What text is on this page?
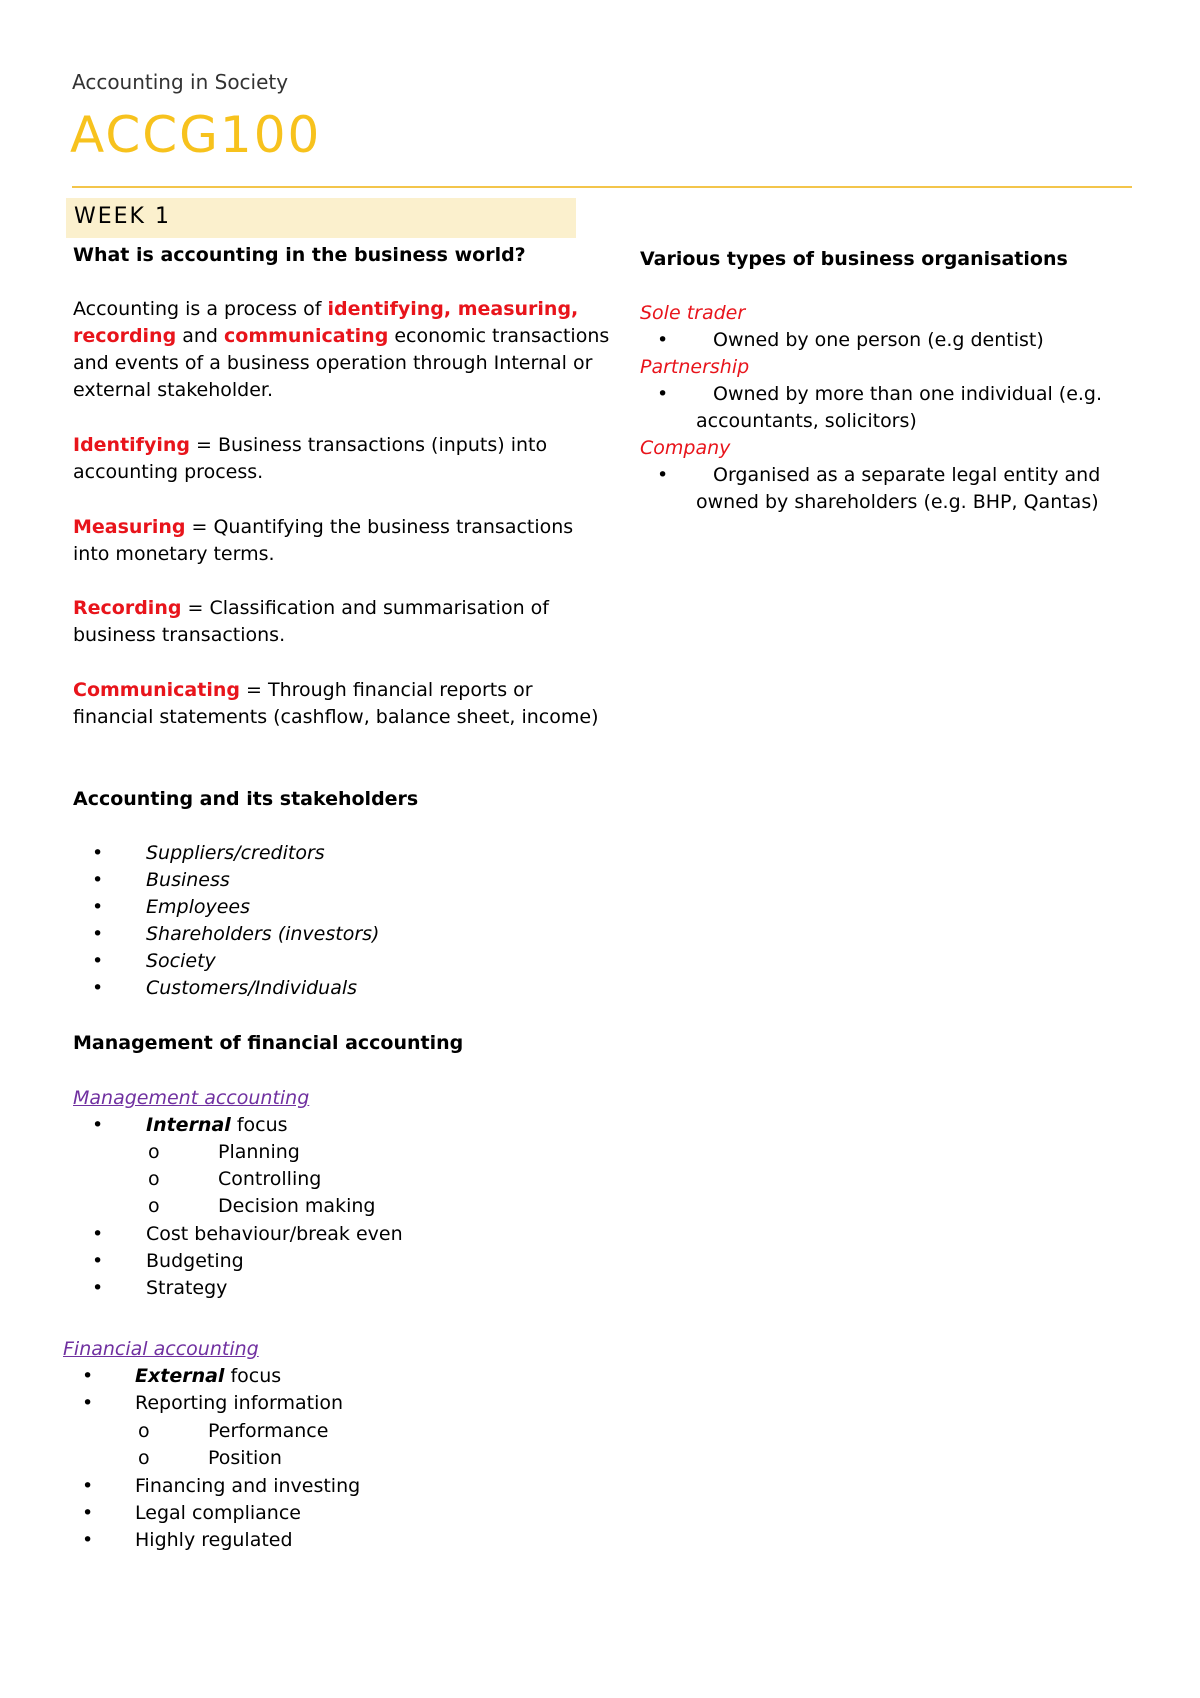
Accounting in Society
ACCG100
WEEK 1
What is accounting in the business world?
Accounting is a process of identifying, measuring,
recording and communicating economic transactions
and events of a business operation through Internal or
external stakeholder.
Identifying = Business transactions (inputs) into
accounting process.
Measuring = Quantifying the business transactions
into monetary terms.
Recording = Classification and summarisation of
business transactions.
Communicating = Through financial reports or
financial statements (cashflow, balance sheet, income)
Accounting and its stakeholders
• Suppliers/creditors
• Business
• Employees
• Shareholders (investors)
• Society
• Customers/Individuals
Management of financial accounting
Management accounting
• Internal focus
o	Planning
o	Controlling
o	Decision making
• Cost behaviour/break even
• Budgeting
• Strategy
Financial accounting
• External focus
• Reporting information
o	Performance
o	Position
• Financing and investing
• Legal compliance
• Highly regulated
Various types of business organisations
Sole trader
• Owned by one person (e.g dentist)
Partnership
• Owned by more than one individual (e.g.
accountants, solicitors)
Company
• Organised as a separate legal entity and
owned by shareholders (e.g. BHP, Qantas)
